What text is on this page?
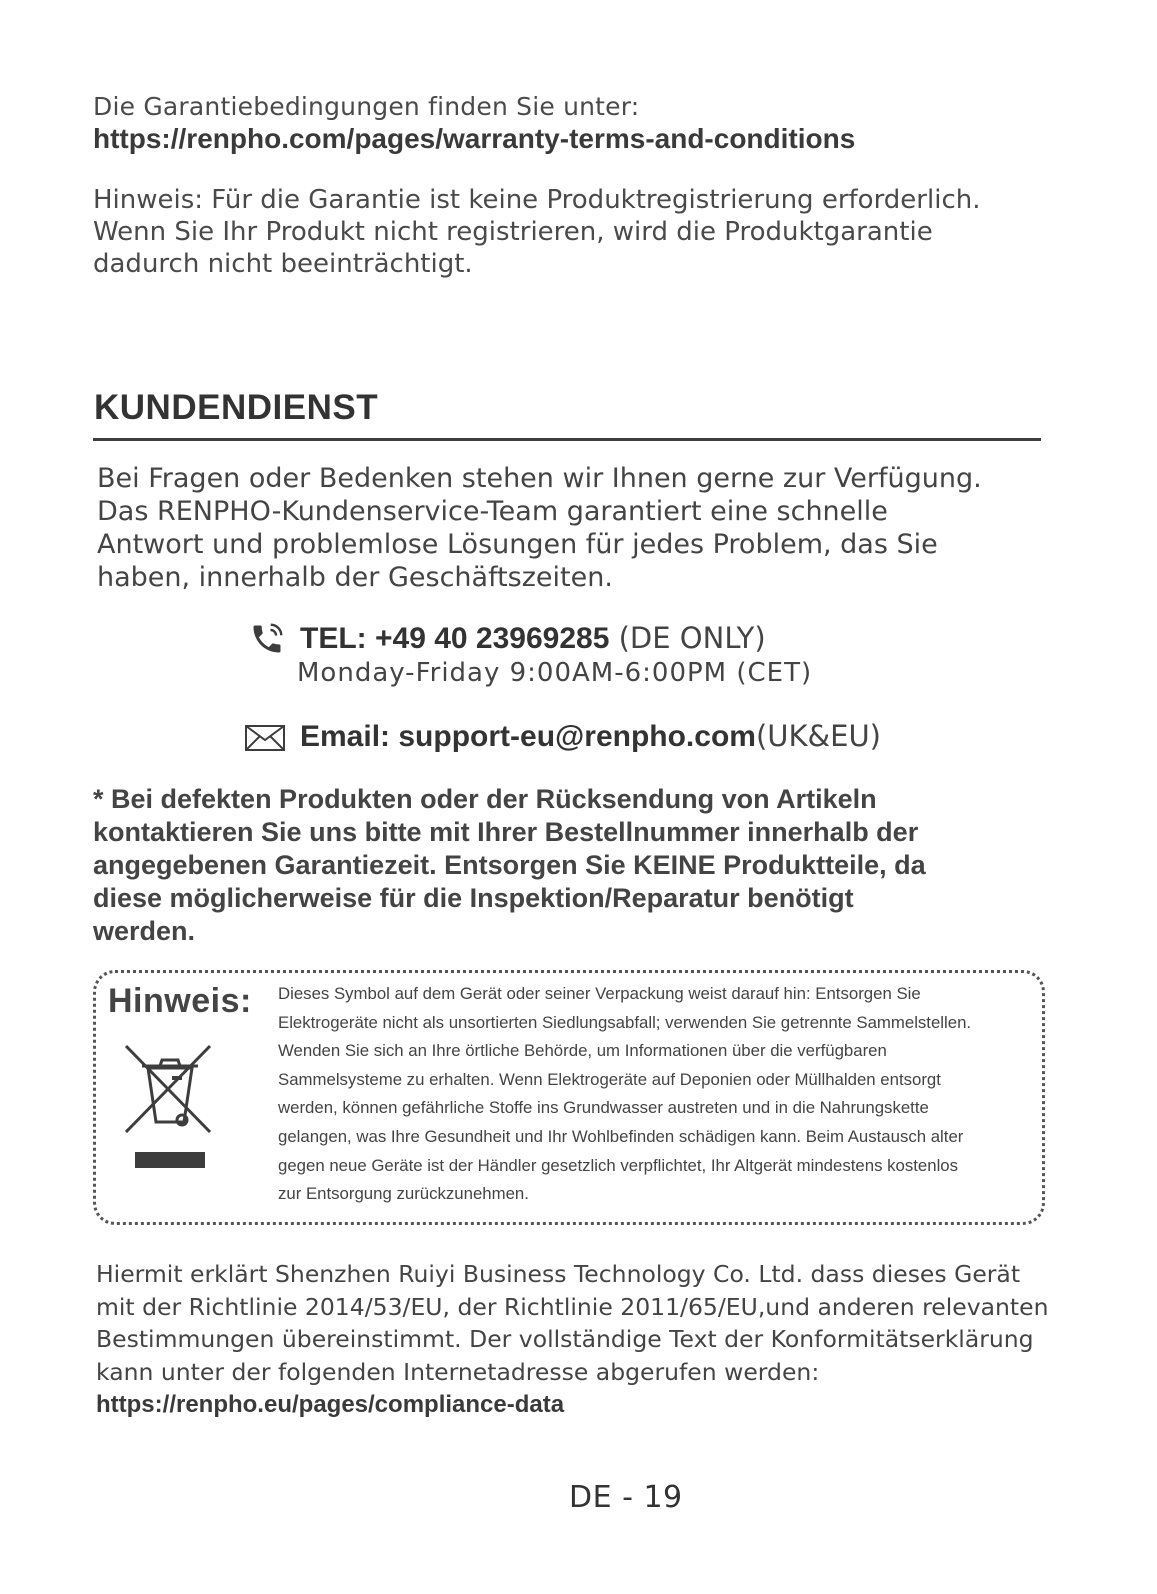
Die Garantiebedingungen finden Sie unter:
https://renpho.com/pages/warranty-terms-and-conditions
Hinweis: Für die Garantie ist keine Produktregistrierung erforderlich.
Wenn Sie Ihr Produkt nicht registrieren, wird die Produktgarantie
dadurch nicht beeinträchtigt.
KUNDENDIENST
Bei Fragen oder Bedenken stehen wir Ihnen gerne zur Verfügung.
Das RENPHO-Kundenservice-Team garantiert eine schnelle
Antwort und problemlose Lösungen für jedes Problem, das Sie
haben, innerhalb der Geschäftszeiten.
TEL: +49 40 23969285 (DE ONLY)
Monday-Friday 9:00AM-6:00PM (CET)
Email: support-eu@renpho.com(UK&EU)
* Bei defekten Produkten oder der Rücksendung von Artikeln
kontaktieren Sie uns bitte mit Ihrer Bestellnummer innerhalb der
angegebenen Garantiezeit. Entsorgen Sie KEINE Produktteile, da
diese möglicherweise für die Inspektion/Reparatur benötigt
werden.
Hinweis: Dieses Symbol auf dem Gerät oder seiner Verpackung weist darauf hin: Entsorgen Sie
Elektrogeräte nicht als unsortierten Siedlungsabfall; verwenden Sie getrennte Sammelstellen.
Wenden Sie sich an Ihre örtliche Behörde, um Informationen über die verfügbaren
Sammelsysteme zu erhalten. Wenn Elektrogeräte auf Deponien oder Müllhalden entsorgt
werden, können gefährliche Stoffe ins Grundwasser austreten und in die Nahrungskette
gelangen, was Ihre Gesundheit und Ihr Wohlbefinden schädigen kann. Beim Austausch alter
gegen neue Geräte ist der Händler gesetzlich verpflichtet, Ihr Altgerät mindestens kostenlos
zur Entsorgung zurückzunehmen.
Hiermit erklärt Shenzhen Ruiyi Business Technology Co. Ltd. dass dieses Gerät
mit der Richtlinie 2014/53/EU, der Richtlinie 2011/65/EU,und anderen relevanten
Bestimmungen übereinstimmt. Der vollständige Text der Konformitätserklärung
kann unter der folgenden Internetadresse abgerufen werden:
https://renpho.eu/pages/compliance-data
DE - 19
